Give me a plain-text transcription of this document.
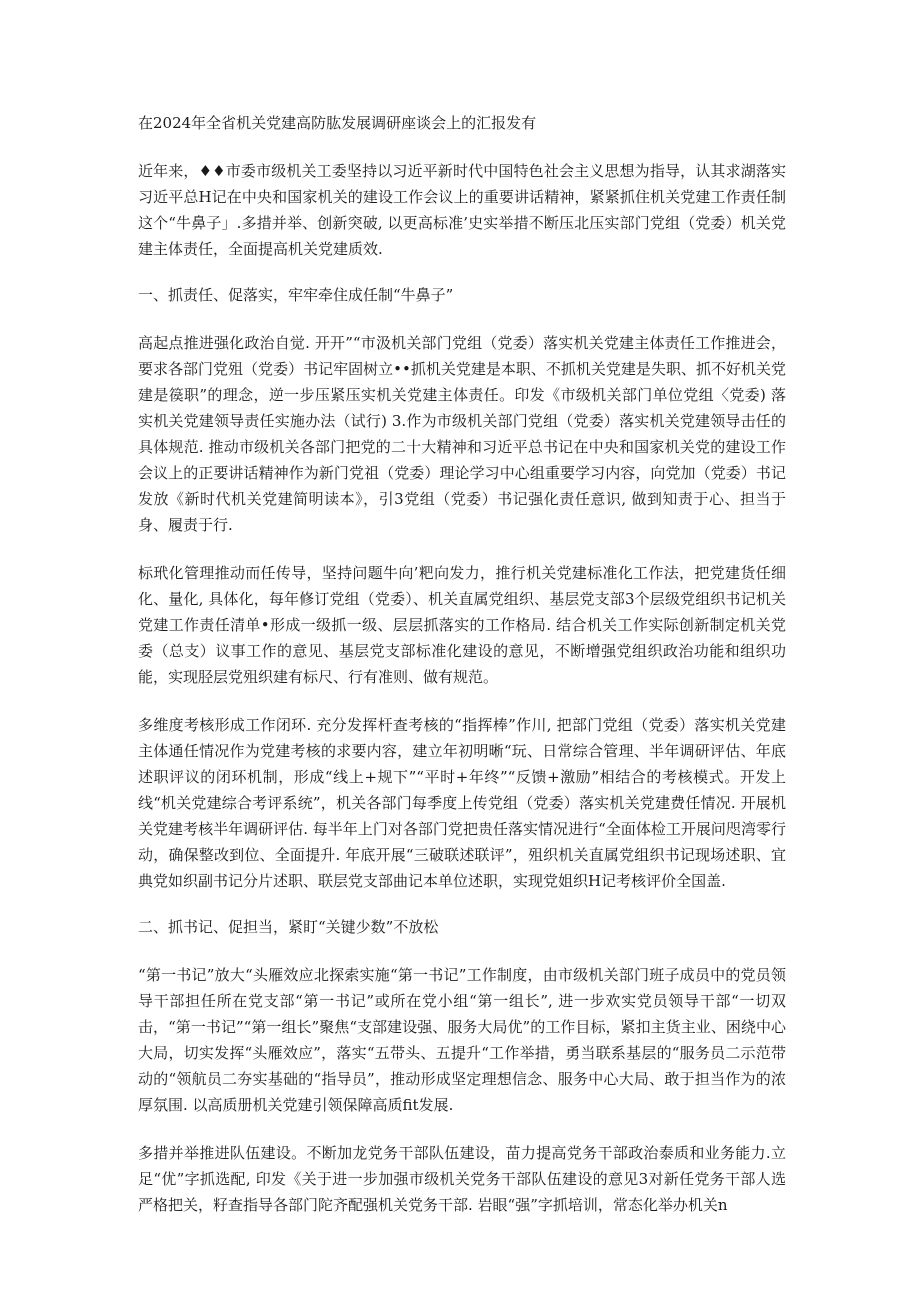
在2024年全省机关党建高防肱发展调研座谈会上的汇报发有

近年来，♦♦市委市级机关工委坚持以习近平新时代中国特色社会主义思想为指导，认其求湖落实习近平总H记在中央和国家机关的建设工作会议上的重要讲话精神，紧紧抓住机关党建工作责任制这个“牛鼻子」.多措并举、创新突破, 以更高标准’史实举措不断压北压实部门党组（党委）机关党建主体责任，全面提高机关党建质效.

一、抓责任、促落实，牢牢牵住成任制“牛鼻子”

高起点推进强化政治自觉. 开开”“市汲机关部门党组（党委）落实机关党建主体责任工作推进会，要求各部门党殂（党委）书记牢固树立••抓机关党建是本职、不抓机关党建是失职、抓不好机关党建是篌职”的理念，逆一步压紧压实机关党建主体责任。印发《市级机关部门单位党组〈党委) 落实机关党建领导责任实施办法（试行) 3.作为市级机关部门党组（党委）落实机关党建领导击任的具体规范. 推动市级机关各部门把党的二十大精神和习近平总书记在中央和国家机关党的建设工作会议上的正要讲话精神作为新门党祖（党委）理论学习中心组重要学习内容，向党加（党委）书记发放《新时代机关党建简明读本》，引3党组（党委）书记强化责任意识, 做到知责于心、担当于身、履责于行.

标玳化管理推动而任传导，坚持问题牛向’粑向发力，推行机关党建标准化工作法，把党建货任细化、量化, 具体化，每年修订党组（党委）、机关直属党组织、基层党支部3个层级党组织书记机关党建工作责任清单•形成一级抓一级、层层抓落实的工作格局. 结合机关工作实际创新制定机关党委（总支）议事工作的意见、基层党支部标准化建设的意见，不断增强党组织政治功能和组织功能，实现胫层党殂织建有标尺、行有准则、做有规范。

多维度考核形成工作闭环. 充分发挥杆查考核的“指挥棒”作川, 把部门党组（党委）落实机关党建主体通任情况作为党建考核的求要内容，建立年初明晰“玩、日常综合管理、半年调研评估、年底述职评议的闭环机制，形成“线上+规下”“平时+年终”“反馈+激励”相结合的考核模式。开发上线“机关党建综合考评系统”，机关各部门每季度上传党组（党委）落实机关党建费任情况. 开展机关党建考核半年调研评估. 每半年上门对各部门党把贵任落实情况进行“全面体检工开展问咫湾零行动，确保整改到位、全面提升. 年底开展“三破联述联评”，殂织机关直属党组织书记现场述职、宜典党如织副书记分片述职、联层党支部曲记本单位述职，实现党姐织H记考核评价全国盖.

二、抓书记、促担当，紧盯“关键少数”不放松

“第一书记”放大“头雁效应北探索实施“第一书记”工作制度，由市级机关部门班子成员中的党员领导干部担任所在党支部“第一书记”或所在党小组“第一组长”, 进一步欢实党员领导干部“一切双击，“第一书记”“第一组长”聚焦“支部建设强、服务大局优”的工作目标，紧扣主货主业、困绕中心大局，切实发挥“头雁效应”，落实“五带头、五提升“工作举措，勇当联系基层的“服务员二示范带动的“领航员二夯实基础的“指导员”，推动形成坚定理想信念、服务中心大局、敢于担当作为的浓厚氛围. 以高质册机关党建引领保障高质fit发展.

多措并举推进队伍建设。不断加龙党务干部队伍建设，苗力提高党务干部政治泰质和业务能力.立足“优”字抓选配, 印发《关于进一步加强市级机关党务干部队伍建设的意见3对新任党务干部人选严格把关，籽查指导各部门陀齐配强机关党务干部. 岩眼“强”字抓培训，常态化举办机关n
